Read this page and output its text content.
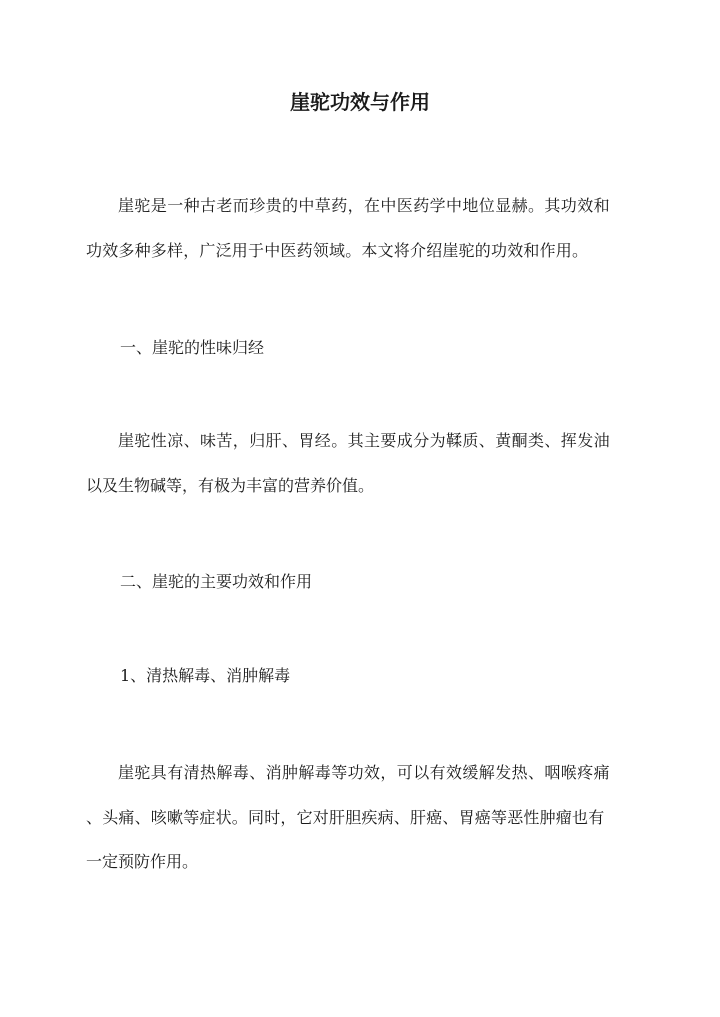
崖驼功效与作用
崖驼是一种古老而珍贵的中草药，在中医药学中地位显赫。其功效和
功效多种多样，广泛用于中医药领域。本文将介绍崖驼的功效和作用。
一、崖驼的性味归经
崖驼性凉、味苦，归肝、胃经。其主要成分为鞣质、黄酮类、挥发油
以及生物碱等，有极为丰富的营养价值。
二、崖驼的主要功效和作用
1、清热解毒、消肿解毒
崖驼具有清热解毒、消肿解毒等功效，可以有效缓解发热、咽喉疼痛
、头痛、咳嗽等症状。同时，它对肝胆疾病、肝癌、胃癌等恶性肿瘤也有
一定预防作用。
